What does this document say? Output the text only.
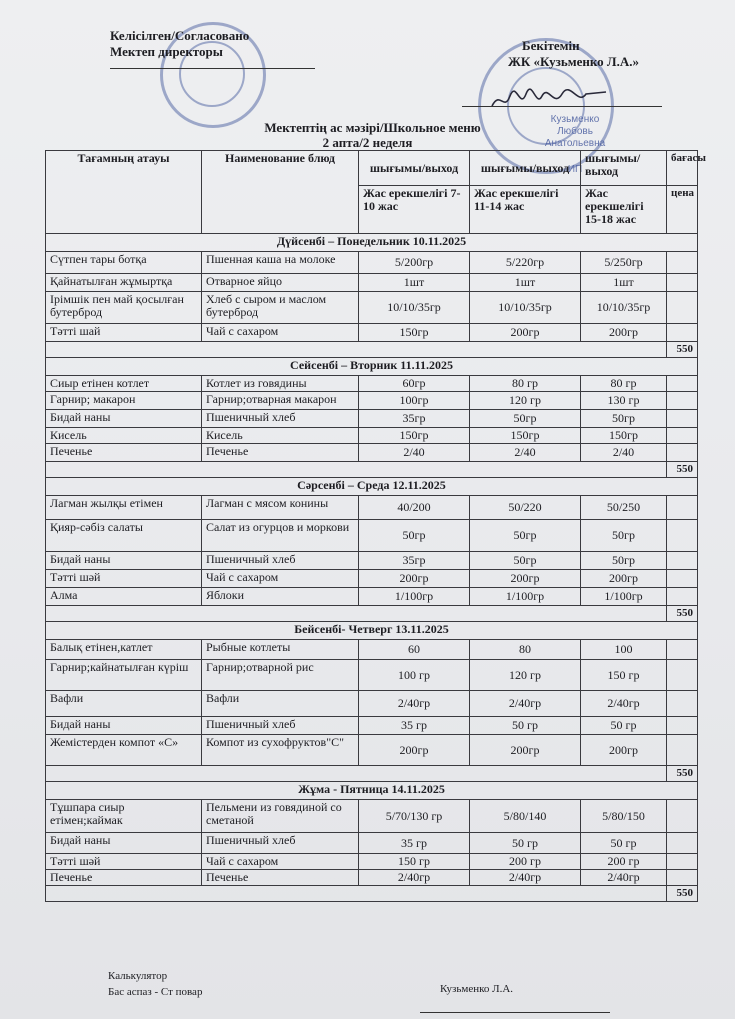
Кузьменко Любовь Анатольевна
ИП
Келісілген/Согласовано
Мектеп директоры	Бекітемін
ЖК «Кузьменко Л.А.»
Мектептің ас мәзірі/Школьное меню
2 апта/2 неделя
Тағамның атауы	Наименование блюд	шығымы/выход	шығымы/выход	шығымы/выход	бағасы
		Жас ерекшелігі 7-10 жас	Жас ерекшелігі 11-14 жас	Жас ерекшелігі 15-18 жас	цена
Дүйсенбі – Понедельник 10.11.2025					
Сүтпен тары ботқа	Пшенная каша на молоке	5/200гр	5/220гр	5/250гр	
Қайнатылған жұмыртқа	Отварное яйцо	1шт	1шт	1шт	
Ірімшік пен май қосылған бутерброд	Хлеб с сыром и маслом бутерброд	10/10/35гр	10/10/35гр	10/10/35гр	
Тәтті шай	Чай с сахаром	150гр	200гр	200гр	
					550
Сейсенбі – Вторник 11.11.2025					
Сиыр етінен котлет	Котлет из говядины	60гр	80 гр	80 гр	
Гарнир; макарон	Гарнир;отварная макарон	100гр	120 гр	130 гр	
Бидай наны	Пшеничный хлеб	35гр	50гр	50гр	
Кисель	Кисель	150гр	150гр	150гр	
Печенье	Печенье	2/40	2/40	2/40	
					550
Сәрсенбі – Среда 12.11.2025					
Лагман жылқы етімен	Лагман с мясом конины	40/200	50/220	50/250	
Қияр-сәбіз салаты	Салат из огурцов и моркови	50гр	50гр	50гр	
Бидай наны	Пшеничный хлеб	35гр	50гр	50гр	
Тәтті шәй	Чай с сахаром	200гр	200гр	200гр	
Алма	Яблоки	1/100гр	1/100гр	1/100гр	
					550
Бейсенбі- Четверг 13.11.2025					
Балық етінен,катлет	Рыбные котлеты	60	80	100	
Гарнир;кайнатылған күріш	Гарнир;отварной рис	100 гр	120 гр	150 гр	
Вафли	Вафли	2/40гр	2/40гр	2/40гр	
Бидай наны	Пшеничный хлеб	35 гр	50 гр	50 гр	
Жемістерден компот «С»	Компот из сухофруктов"С"	200гр	200гр	200гр	
					550
Жұма - Пятница 14.11.2025					
Тұшпара сиыр етімен;каймак	Пельмени из говядиной со сметаной	5/70/130 гр	5/80/140	5/80/150	
Бидай наны	Пшеничный хлеб	35 гр	50 гр	50 гр	
Тәтті шәй	Чай с сахаром	150 гр	200 гр	200 гр	
Печенье	Печенье	2/40гр	2/40гр	2/40гр	
					550
Калькулятор
Бас аспаз - Ст повар	Кузьменко Л.А.
